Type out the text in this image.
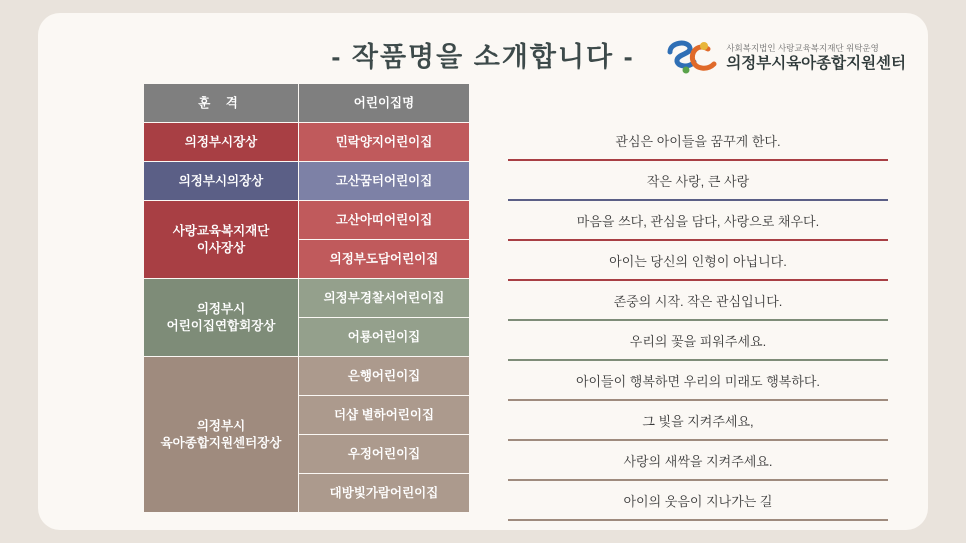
- 작품명을 소개합니다 -	사회복지법인 사랑교육복지재단 위탁운영
의정부시육아종합지원센터
훈 격	어린이집명
의정부시장상	민락양지어린이집
의정부시의장상	고산꿈터어린이집
사랑교육복지재단
이사장상	고산아띠어린이집
	의정부도담어린이집
의정부시
어린이집연합회장상	의정부경찰서어린이집
	어룡어린이집
의정부시
육아종합지원센터장상	은행어린이집
	더샵 별하어린이집
	우정어린이집
	대방빛가람어린이집
관심은 아이들을 꿈꾸게 한다.
작은 사랑, 큰 사랑
마음을 쓰다, 관심을 담다, 사랑으로 채우다.
아이는 당신의 인형이 아닙니다.
존중의 시작. 작은 관심입니다.
우리의 꽃을 피워주세요.
아이들이 행복하면 우리의 미래도 행복하다.
그 빛을 지켜주세요,
사랑의 새싹을 지켜주세요.
아이의 웃음이 지나가는 길
